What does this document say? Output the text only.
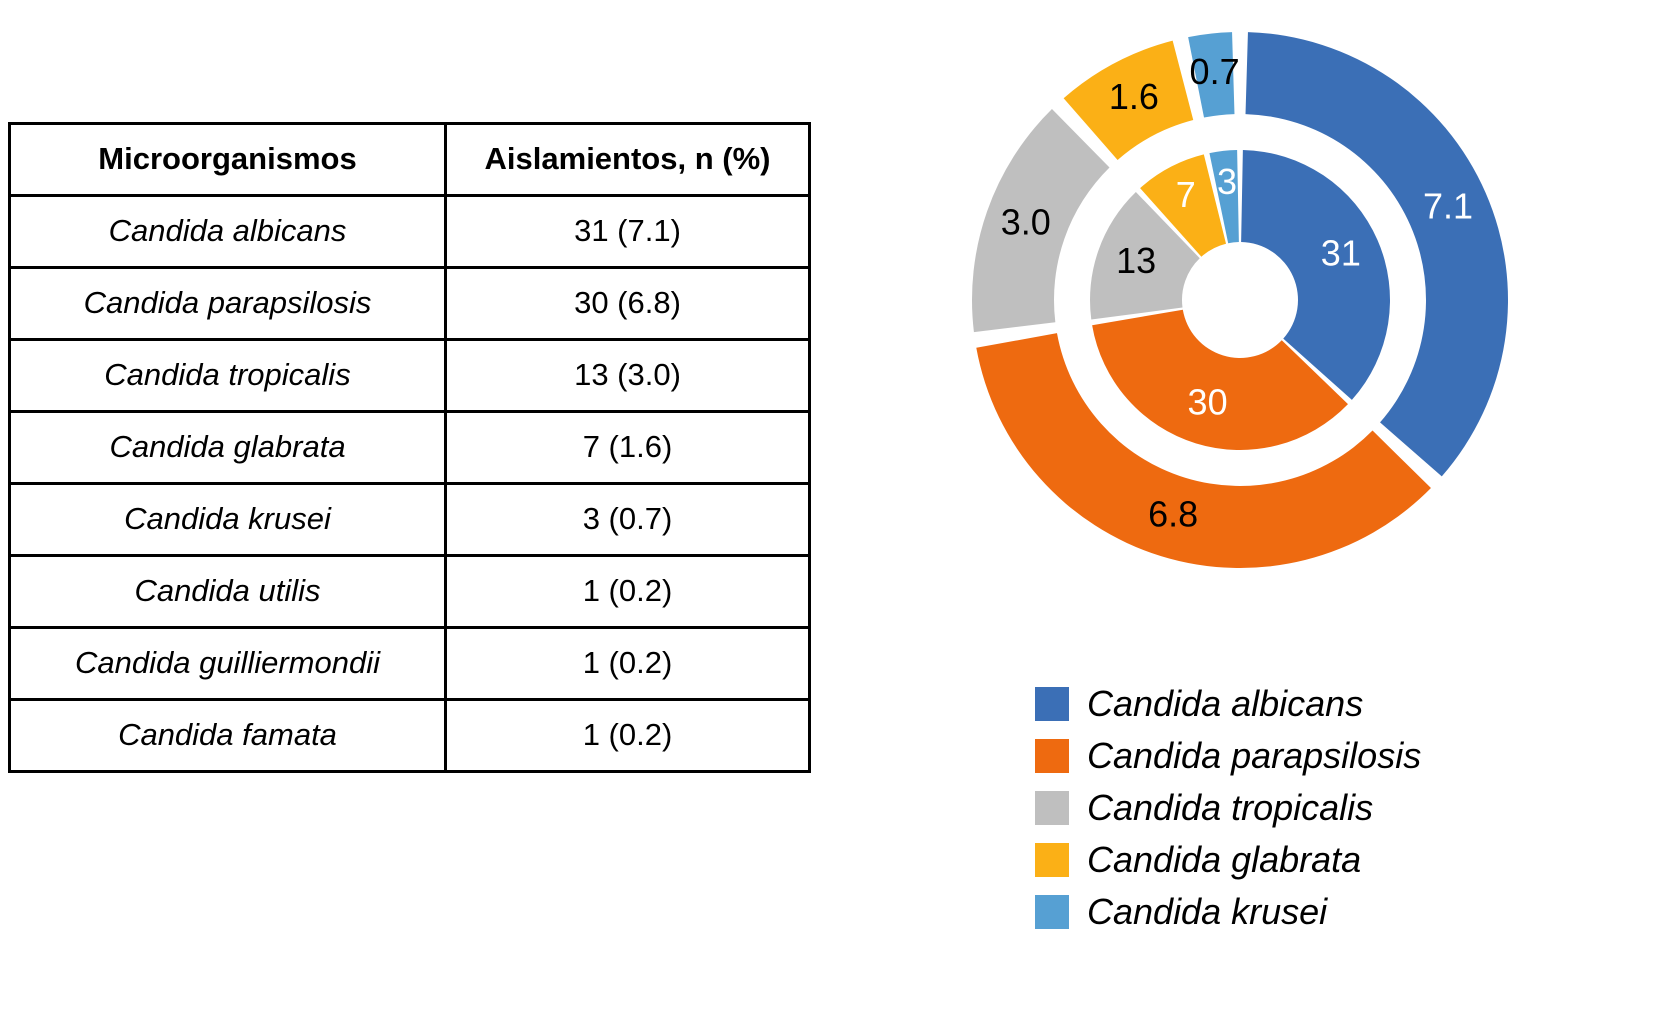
Microorganismos	Aislamientos, n (%)
Candida albicans	31 (7.1)
Candida parapsilosis	30 (6.8)
Candida tropicalis	13 (3.0)
Candida glabrata	7 (1.6)
Candida krusei	3 (0.7)
Candida utilis	1 (0.2)
Candida guilliermondii	1 (0.2)
Candida famata	1 (0.2)
31
7.1
30
6.8
13
3.0
7
1.6
3
0.7
Candida albicans
Candida parapsilosis
Candida tropicalis
Candida glabrata
Candida krusei
